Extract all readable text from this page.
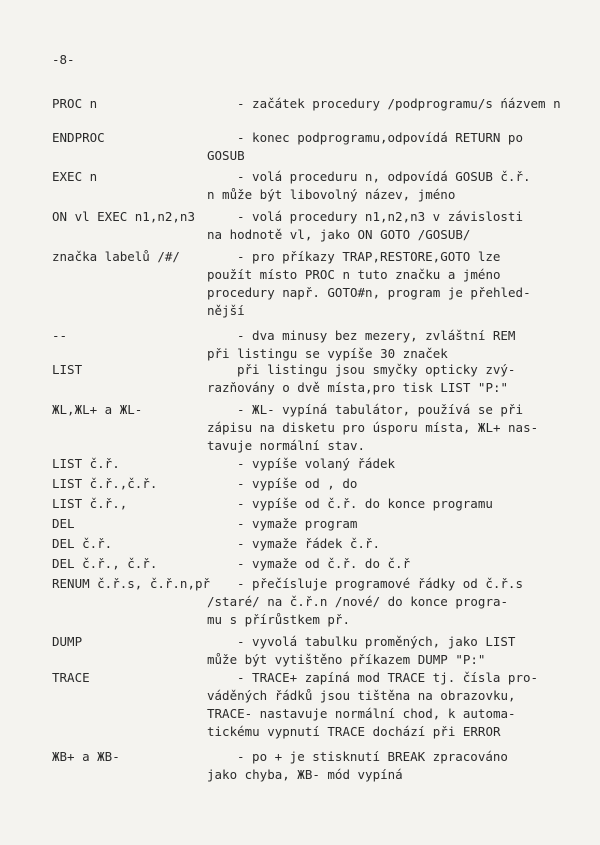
-8-
PROC n	- začátek procedury /podprogramu/s ńázvem n
ENDPROC	- konec podprogramu,odpovídá RETURN po
GOSUB
EXEC n	- volá proceduru n, odpovídá GOSUB č.ř.
n může být libovolný název, jméno
ON vl EXEC n1,n2,n3	- volá procedury n1,n2,n3 v závislosti
na hodnotě vl, jako ON GOTO /GOSUB/
značka labelů /#/	- pro příkazy TRAP,RESTORE,GOTO lze
použít místo PROC n tuto značku a jméno
procedury např. GOTO#n, program je přehled-
nější
--	- dva minusy bez mezery, zvláštní REM
při listingu se vypíše 30 značek
LIST	při listingu jsou smyčky opticky zvý-
razňovány o dvě místa,pro tisk LIST "P:"
ЖL,ЖL+ a ЖL-	- ЖL- vypíná tabulátor, používá se při
zápisu na disketu pro úsporu místa, ЖL+ nas-
tavuje normální stav.
LIST č.ř.	- vypíše volaný řádek
LIST č.ř.,č.ř.	- vypíše od , do
LIST č.ř.,	- vypíše od č.ř. do konce programu
DEL	- vymaže program
DEL č.ř.	- vymaže řádek č.ř.
DEL č.ř., č.ř.	- vymaže od č.ř. do č.ř
RENUM č.ř.s, č.ř.n,př	- přečísluje programové řádky od č.ř.s
/staré/ na č.ř.n /nové/ do konce progra-
mu s přírůstkem př.
DUMP	- vyvolá tabulku proměných, jako LIST
může být vytištěno příkazem DUMP "P:"
TRACE	- TRACE+ zapíná mod TRACE tj. čísla pro-
váděných řádků jsou tištěna na obrazovku,
TRACE- nastavuje normální chod, k automa-
tickému vypnutí TRACE dochází při ERROR
ЖB+ a ЖB-	- po + je stisknutí BREAK zpracováno
jako chyba, ЖB- mód vypíná
